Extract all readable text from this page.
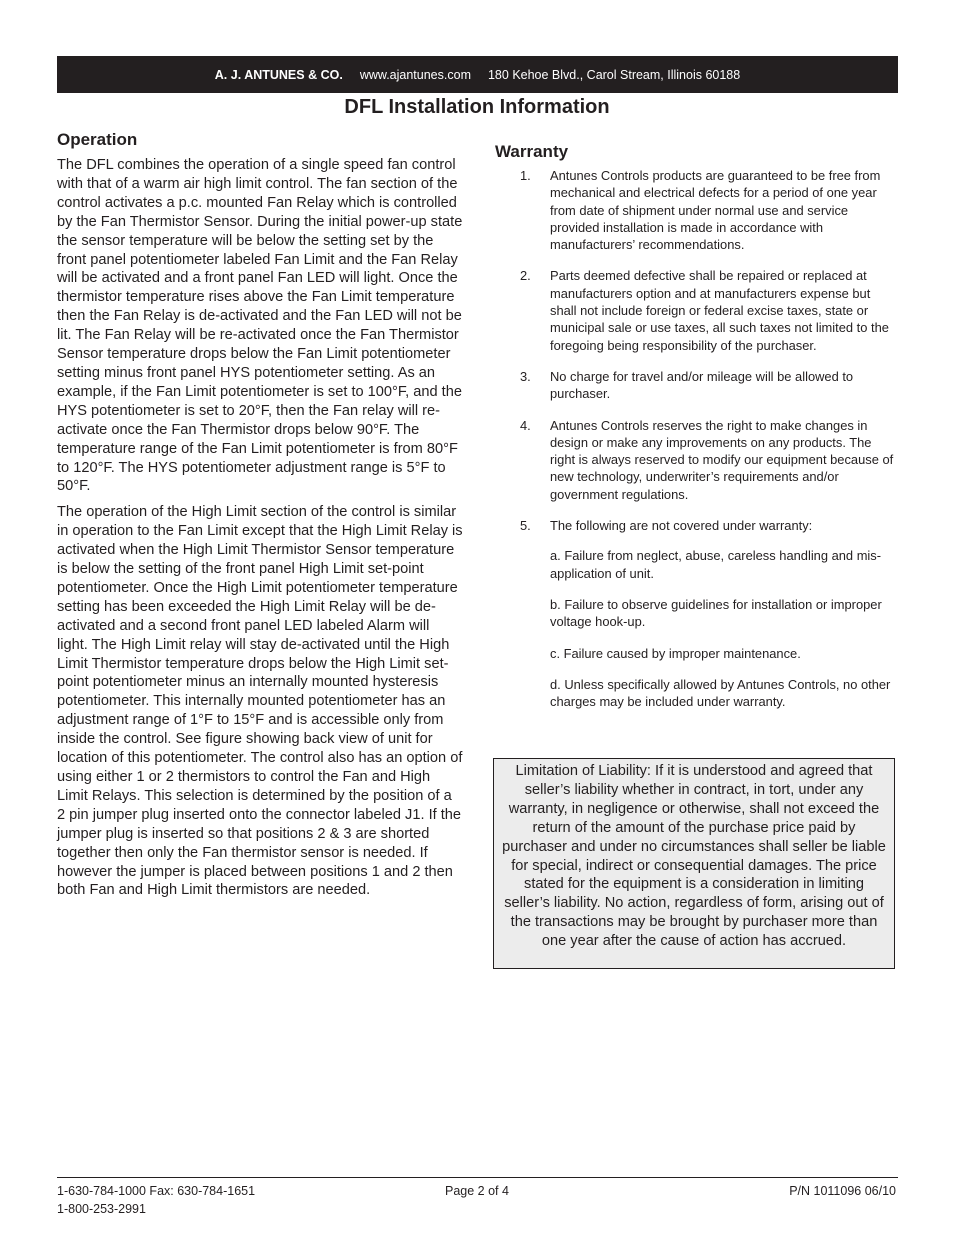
A. J. ANTUNES & CO. www.ajantunes.com 180 Kehoe Blvd., Carol Stream, Illinois 60188
DFL Installation Information
Operation

The DFL combines the operation of a single speed fan control with that of a warm air high limit control. The fan section of the control activates a p.c. mounted Fan Relay which is controlled by the Fan Thermistor Sensor. During the initial power-up state the sensor temperature will be below the setting set by the front panel potentiometer labeled Fan Limit and the Fan Relay will be activated and a front panel Fan LED will light. Once the thermistor temperature rises above the Fan Limit temperature then the Fan Relay is de-activated and the Fan LED will not be lit. The Fan Relay will be re-activated once the Fan Thermistor Sensor temperature drops below the Fan Limit potentiometer setting minus front panel HYS potentiometer setting. As an example, if the Fan Limit potentiometer is set to 100°F, and the HYS potentiometer is set to 20°F, then the Fan relay will re-activate once the Fan Thermistor drops below 90°F. The temperature range of the Fan Limit potentiometer is from 80°F to 120°F. The HYS potentiometer adjustment range is 5°F to 50°F.

The operation of the High Limit section of the control is similar in operation to the Fan Limit except that the High Limit Relay is activated when the High Limit Thermistor Sensor temperature is below the setting of the front panel High Limit set-point potentiometer. Once the High Limit potentiometer temperature setting has been exceeded the High Limit Relay will be de-activated and a second front panel LED labeled Alarm will light. The High Limit relay will stay de-activated until the High Limit Thermistor temperature drops below the High Limit set-point potentiometer minus an internally mounted hysteresis potentiometer. This internally mounted potentiometer has an adjustment range of 1°F to 15°F and is accessible only from inside the control. See figure showing back view of unit for location of this potentiometer. The control also has an option of using either 1 or 2 thermistors to control the Fan and High Limit Relays. This selection is determined by the position of a 2 pin jumper plug inserted onto the connector labeled J1. If the jumper plug is inserted so that positions 2 & 3 are shorted together then only the Fan thermistor sensor is needed. If however the jumper is placed between positions 1 and 2 then both Fan and High Limit thermistors are needed.

Warranty
1.	Antunes Controls products are guaranteed to be free from mechanical and electrical defects for a period of one year from date of shipment under normal use and service provided installation is made in accordance with manufacturers’ recommendations.
2.	Parts deemed defective shall be repaired or replaced at manufacturers option and at manufacturers expense but shall not include foreign or federal excise taxes, state or municipal sale or use taxes, all such taxes not limited to the foregoing being responsibility of the purchaser.
3.	No charge for travel and/or mileage will be allowed to purchaser.
4.	Antunes Controls reserves the right to make changes in design or make any improvements on any products. The right is always reserved to modify our equipment because of new technology, underwriter’s requirements and/or government regulations.
5.	The following are not covered under warranty:
a. Failure from neglect, abuse, careless handling and mis-application of unit.
b. Failure to observe guidelines for installation or improper voltage hook-up.
c. Failure caused by improper maintenance.
d. Unless specifically allowed by Antunes Controls, no other charges may be included under warranty.
Limitation of Liability: If it is understood and agreed that seller’s liability whether in contract, in tort, under any warranty, in negligence or otherwise, shall not exceed the return of the amount of the purchase price paid by purchaser and under no circumstances shall seller be liable for special, indirect or consequential damages. The price stated for the equipment is a consideration in limiting seller’s liability. No action, regardless of form, arising out of the transactions may be brought by purchaser more than one year after the cause of action has accrued.
1-630-784-1000 Fax: 630-784-1651
1-800-253-2991
Page 2 of 4	P/N 1011096 06/10
